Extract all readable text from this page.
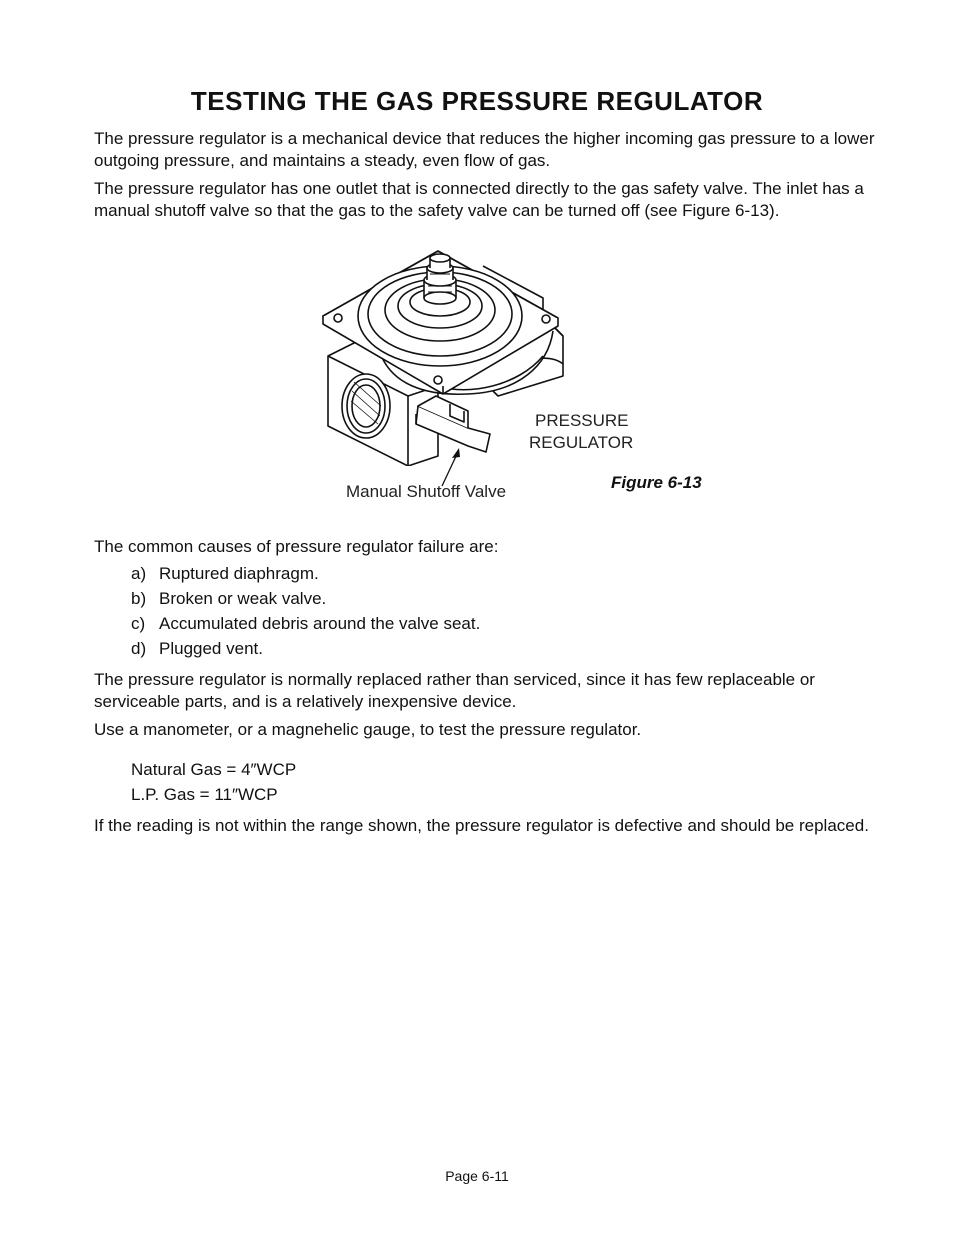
TESTING THE GAS PRESSURE REGULATOR

The pressure regulator is a mechanical device that reduces the higher incoming gas pressure to a lower outgoing pressure, and maintains a steady, even flow of gas.

The pressure regulator has one outlet that is connected directly to the gas safety valve. The inlet has a manual shutoff valve so that the gas to the safety valve can be turned off (see Figure 6-13).

PRESSURE
REGULATOR
Manual Shutoff Valve	Figure 6-13

The common causes of pressure regulator failure are:

a) Ruptured diaphragm.
b) Broken or weak valve.
c) Accumulated debris around the valve seat.
d) Plugged vent.

The pressure regulator is normally replaced rather than serviced, since it has few replaceable or serviceable parts, and is a relatively inexpensive device.

Use a manometer, or a magnehelic gauge, to test the pressure regulator.

Natural Gas = 4″WCP
L.P. Gas = 11″WCP

If the reading is not within the range shown, the pressure regulator is defective and should be replaced.

Page 6-11
